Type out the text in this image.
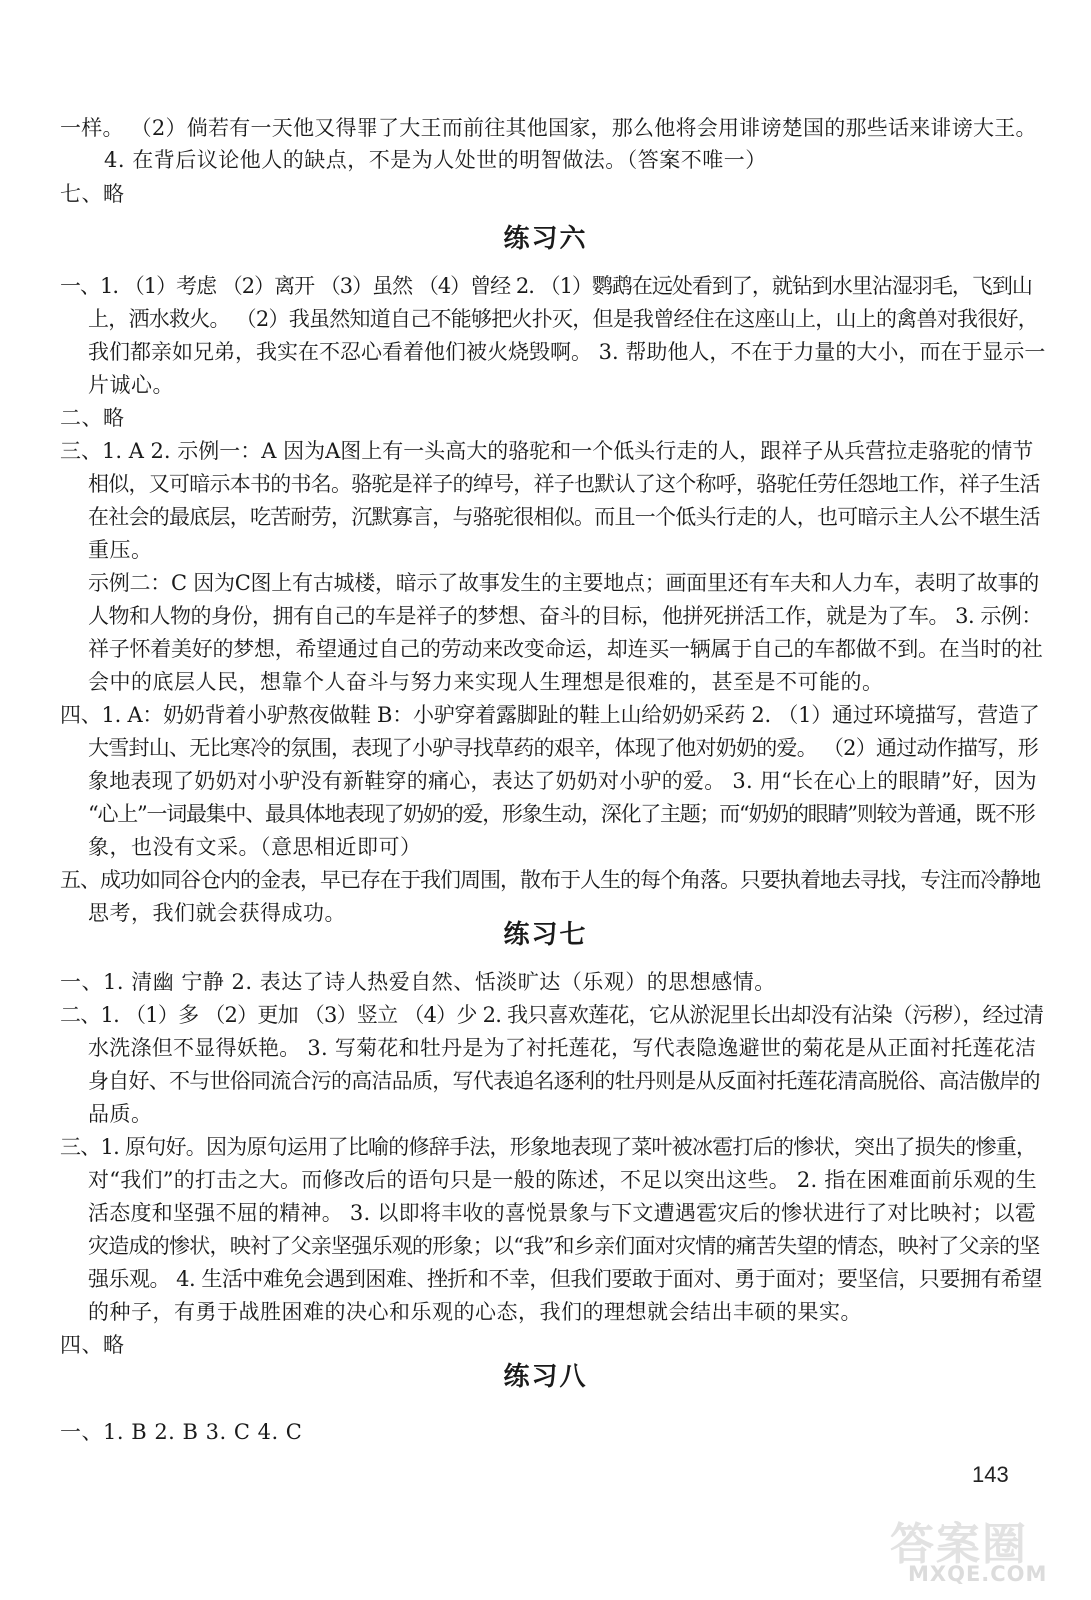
一样。 （2）倘若有一天他又得罪了大王而前往其他国家，那么他将会用诽谤楚国的那些话来诽谤大王。
4. 在背后议论他人的缺点，不是为人处世的明智做法。（答案不唯一）
七、略
练习六
一、1. （1）考虑 （2）离开 （3）虽然 （4）曾经 2. （1）鹦鹉在远处看到了，就钻到水里沾湿羽毛，飞到山
上，洒水救火。 （2）我虽然知道自己不能够把火扑灭，但是我曾经住在这座山上，山上的禽兽对我很好，
我们都亲如兄弟，我实在不忍心看着他们被火烧毁啊。 3. 帮助他人，不在于力量的大小，而在于显示一
片诚心。
二、略
三、1. A 2. 示例一：A 因为A图上有一头高大的骆驼和一个低头行走的人，跟祥子从兵营拉走骆驼的情节
相似，又可暗示本书的书名。骆驼是祥子的绰号，祥子也默认了这个称呼，骆驼任劳任怨地工作，祥子生活
在社会的最底层，吃苦耐劳，沉默寡言，与骆驼很相似。而且一个低头行走的人，也可暗示主人公不堪生活
重压。
示例二：C 因为C图上有古城楼，暗示了故事发生的主要地点；画面里还有车夫和人力车，表明了故事的
人物和人物的身份，拥有自己的车是祥子的梦想、奋斗的目标，他拼死拼活工作，就是为了车。 3. 示例：
祥子怀着美好的梦想，希望通过自己的劳动来改变命运，却连买一辆属于自己的车都做不到。在当时的社
会中的底层人民，想靠个人奋斗与努力来实现人生理想是很难的，甚至是不可能的。
四、1. A：奶奶背着小驴熬夜做鞋 B：小驴穿着露脚趾的鞋上山给奶奶采药 2. （1）通过环境描写，营造了
大雪封山、无比寒冷的氛围，表现了小驴寻找草药的艰辛，体现了他对奶奶的爱。 （2）通过动作描写，形
象地表现了奶奶对小驴没有新鞋穿的痛心，表达了奶奶对小驴的爱。 3. 用“长在心上的眼睛”好，因为
“心上”一词最集中、最具体地表现了奶奶的爱，形象生动，深化了主题；而“奶奶的眼睛”则较为普通，既不形
象，也没有文采。（意思相近即可）
五、成功如同谷仓内的金表，早已存在于我们周围，散布于人生的每个角落。只要执着地去寻找，专注而冷静地
思考，我们就会获得成功。
练习七
一、1. 清幽 宁静 2. 表达了诗人热爱自然、恬淡旷达（乐观）的思想感情。
二、1. （1）多 （2）更加 （3）竖立 （4）少 2. 我只喜欢莲花，它从淤泥里长出却没有沾染（污秽），经过清
水洗涤但不显得妖艳。 3. 写菊花和牡丹是为了衬托莲花，写代表隐逸避世的菊花是从正面衬托莲花洁
身自好、不与世俗同流合污的高洁品质，写代表追名逐利的牡丹则是从反面衬托莲花清高脱俗、高洁傲岸的
品质。
三、1. 原句好。因为原句运用了比喻的修辞手法，形象地表现了菜叶被冰雹打后的惨状，突出了损失的惨重，
对“我们”的打击之大。而修改后的语句只是一般的陈述，不足以突出这些。 2. 指在困难面前乐观的生
活态度和坚强不屈的精神。 3. 以即将丰收的喜悦景象与下文遭遇雹灾后的惨状进行了对比映衬；以雹
灾造成的惨状，映衬了父亲坚强乐观的形象；以“我”和乡亲们面对灾情的痛苦失望的情态，映衬了父亲的坚
强乐观。 4. 生活中难免会遇到困难、挫折和不幸，但我们要敢于面对、勇于面对；要坚信，只要拥有希望
的种子，有勇于战胜困难的决心和乐观的心态，我们的理想就会结出丰硕的果实。
四、略
练习八
一、1. B 2. B 3. C 4. C
143
答案圈
MXQE.COM
